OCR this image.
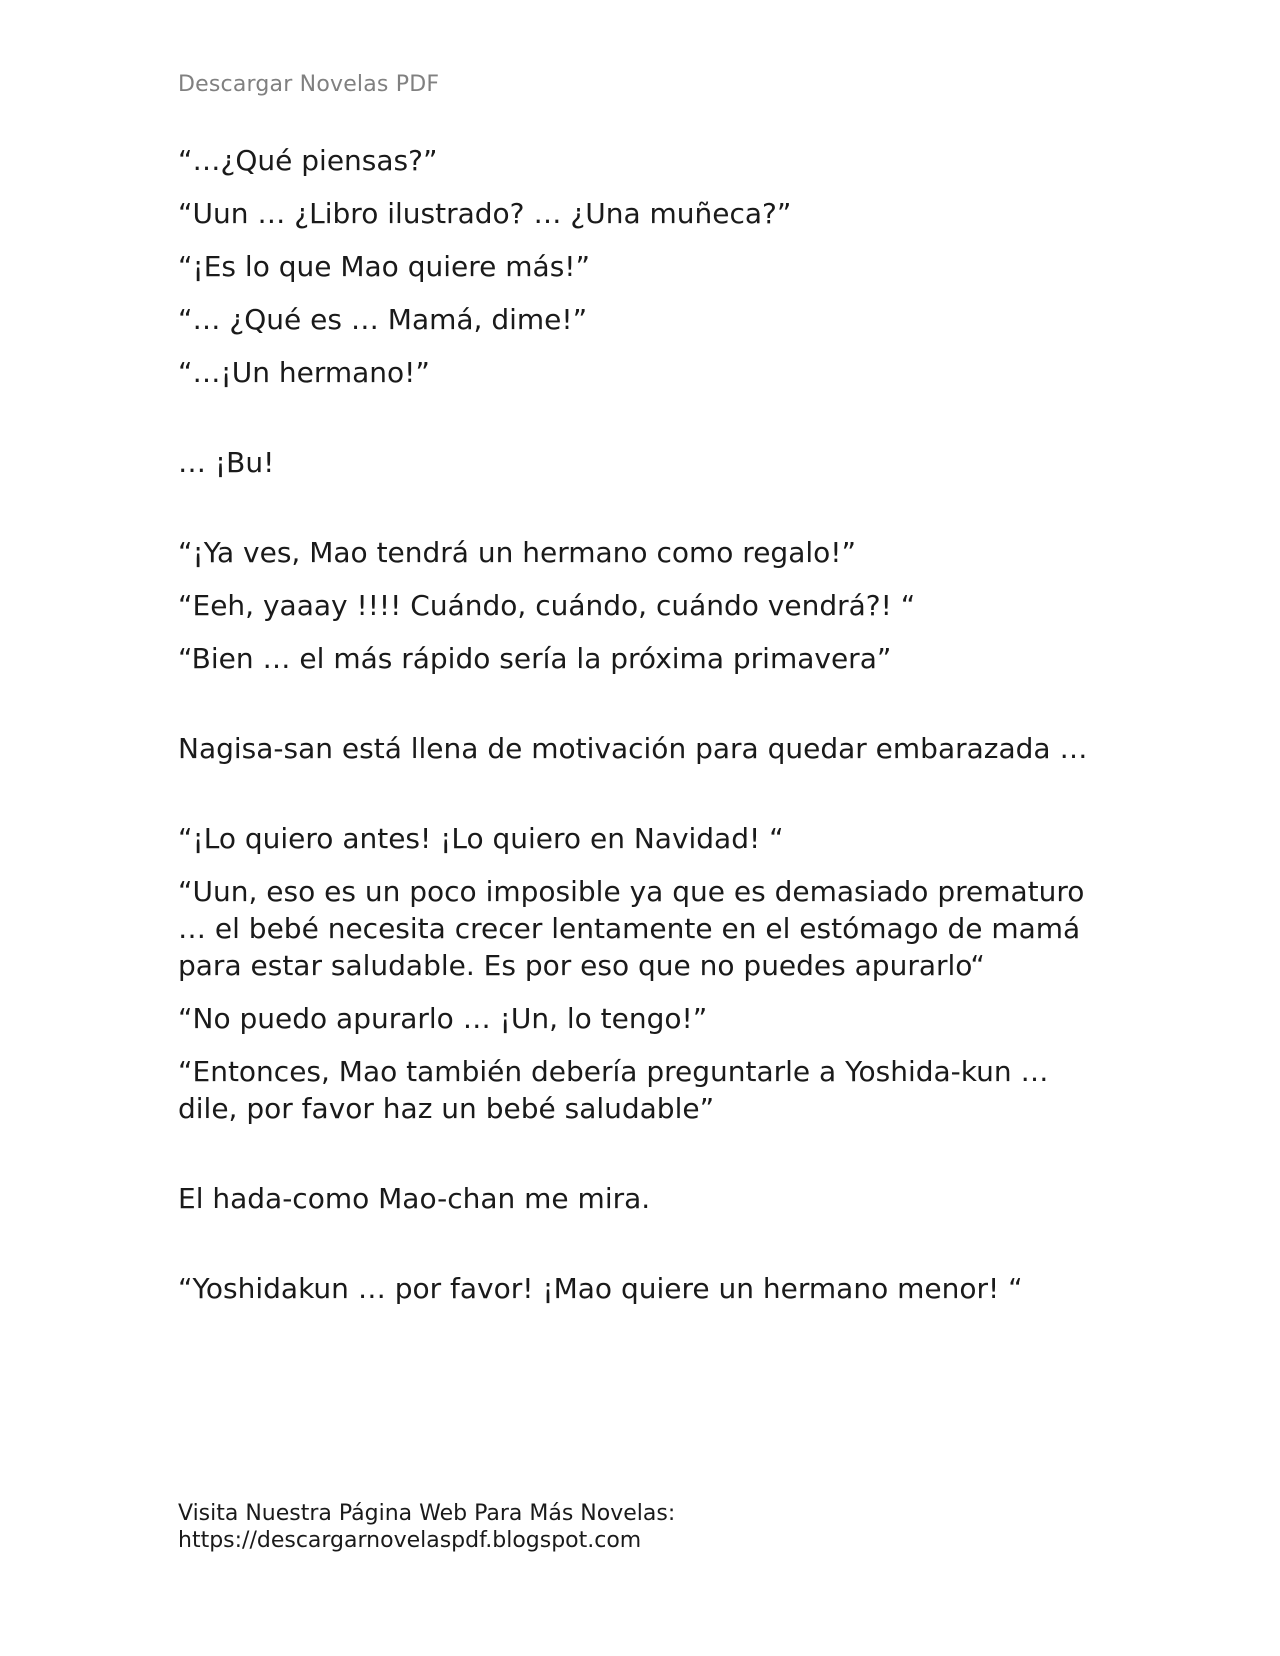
Descargar Novelas PDF

“…¿Qué piensas?”

“Uun … ¿Libro ilustrado? … ¿Una muñeca?”

“¡Es lo que Mao quiere más!”

“… ¿Qué es … Mamá, dime!”

“…¡Un hermano!”

… ¡Bu!

“¡Ya ves, Mao tendrá un hermano como regalo!”

“Eeh, yaaay !!!! Cuándo, cuándo, cuándo vendrá?! “

“Bien … el más rápido sería la próxima primavera”

Nagisa-san está llena de motivación para quedar embarazada …

“¡Lo quiero antes! ¡Lo quiero en Navidad! “

“Uun, eso es un poco imposible ya que es demasiado prematuro … el bebé necesita crecer lentamente en el estómago de mamá para estar saludable. Es por eso que no puedes apurarlo“

“No puedo apurarlo … ¡Un, lo tengo!”

“Entonces, Mao también debería preguntarle a Yoshida-kun … dile, por favor haz un bebé saludable”

El hada-como Mao-chan me mira.

“Yoshidakun … por favor! ¡Mao quiere un hermano menor! “

Visita Nuestra Página Web Para Más Novelas:
https://descargarnovelaspdf.blogspot.com
